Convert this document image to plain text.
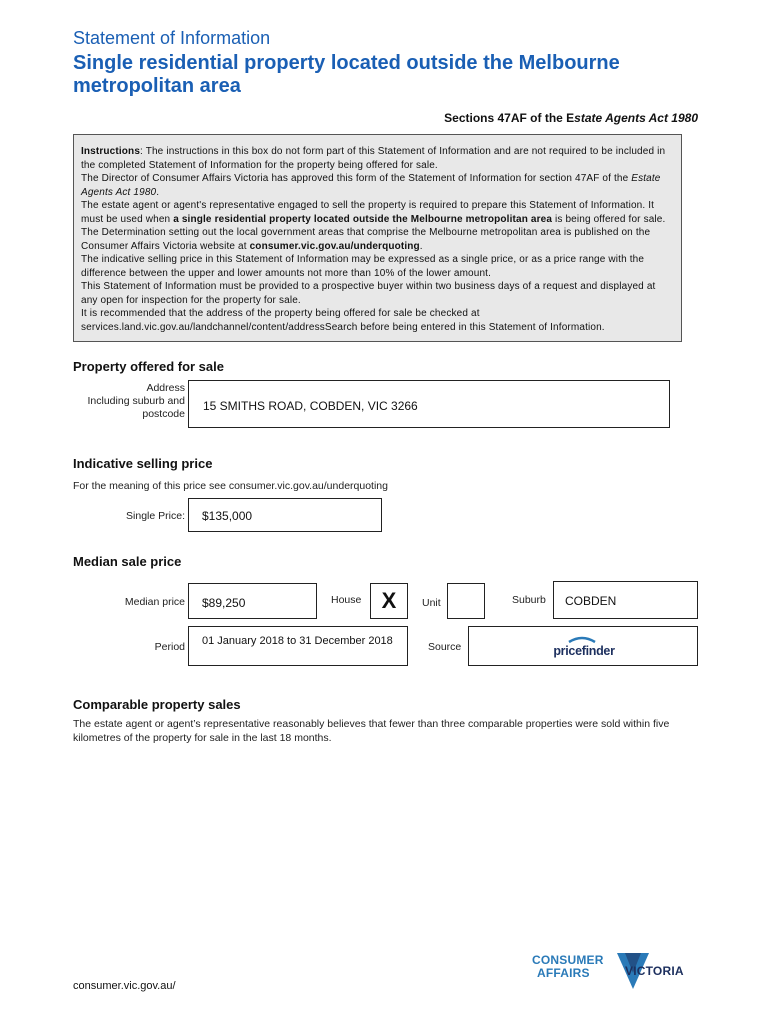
Statement of Information
Single residential property located outside the Melbourne metropolitan area
Sections 47AF of the Estate Agents Act 1980

Instructions: The instructions in this box do not form part of this Statement of Information and are not required to be included in the completed Statement of Information for the property being offered for sale.

The Director of Consumer Affairs Victoria has approved this form of the Statement of Information for section 47AF of the Estate Agents Act 1980.

The estate agent or agent's representative engaged to sell the property is required to prepare this Statement of Information. It must be used when a single residential property located outside the Melbourne metropolitan area is being offered for sale. The Determination setting out the local government areas that comprise the Melbourne metropolitan area is published on the Consumer Affairs Victoria website at consumer.vic.gov.au/underquoting.

The indicative selling price in this Statement of Information may be expressed as a single price, or as a price range with the difference between the upper and lower amounts not more than 10% of the lower amount.

This Statement of Information must be provided to a prospective buyer within two business days of a request and displayed at any open for inspection for the property for sale.

It is recommended that the address of the property being offered for sale be checked at services.land.vic.gov.au/landchannel/content/addressSearch before being entered in this Statement of Information.

Property offered for sale
Address
Including suburb and
postcode
15 SMITHS ROAD, COBDEN, VIC 3266
Indicative selling price
For the meaning of this price see consumer.vic.gov.au/underquoting
Single Price:	$135,000
Median sale price
Median price	$89,250	House X	Unit	Suburb	COBDEN
Period	01 January 2018 to 31 December 2018	Source	pricefinder
Comparable property sales
The estate agent or agent’s representative reasonably believes that fewer than three comparable properties were sold within five kilometres of the property for sale in the last 18 months.
consumer.vic.gov.au/
CONSUMER
AFFAIRS	VICTORIA
